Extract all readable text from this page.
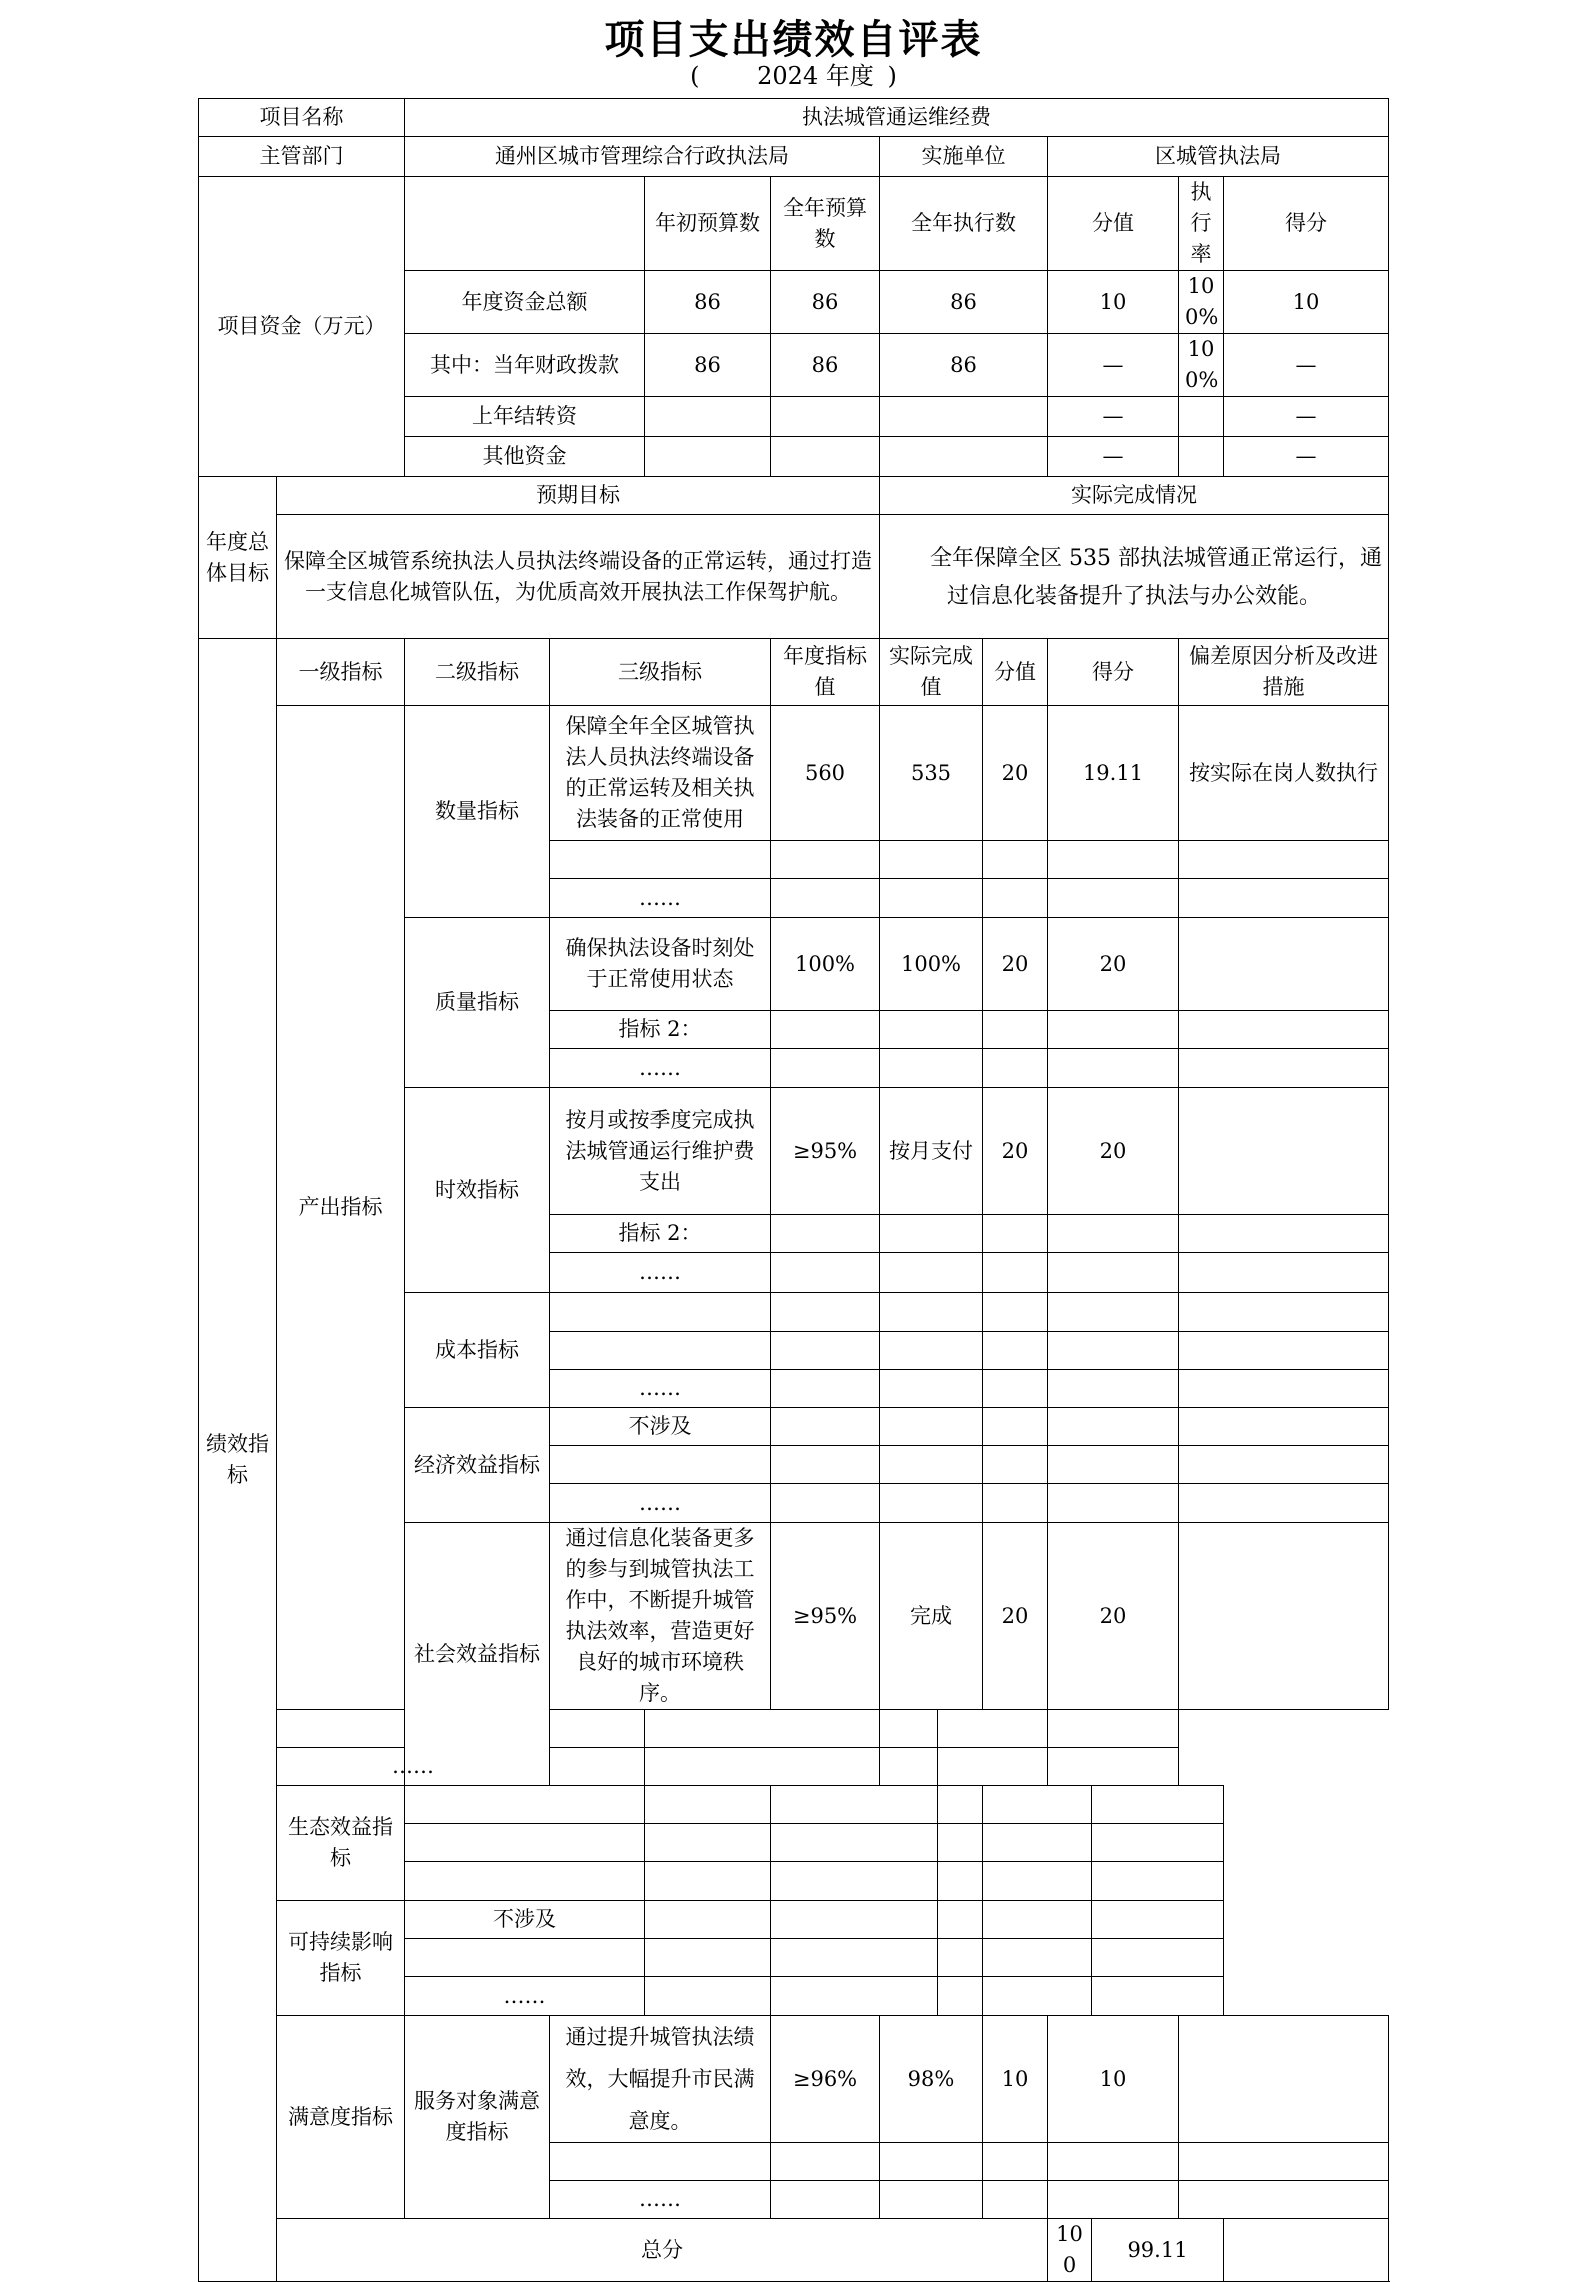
项目支出绩效自评表
( 2024 年度 )
项目名称		执法城管通运维经费										
主管部门		通州区城市管理综合行政执法局				实施单位			区城管执法局			
项目资金（万元）				年初预算数	全年预算数	全年执行数			分值		执行率	得分
		年度资金总额		86	86	86			10		100%	10
		其中：当年财政拨款		86	86	86			—		100%	—
		上年结转资							—			—
		其他资金							—			—
年度总体目标	预期目标					实际完成情况						
	保障全区城管系统执法人员执法终端设备的正常运转，通过打造一支信息化城管队伍，为优质高效开展执法工作保驾护航。					全年保障全区 535 部执法城管通正常运行，通过信息化装备提升了执法与办公效能。						
绩效指标	一级指标	二级指标	三级指标		年度指标值	实际完成值		分值	得分		偏差原因分析及改进措施	
	产出指标	数量指标	保障全年全区城管执法人员执法终端设备的正常运转及相关执法装备的正常使用		560	535		20	19.11		按实际在岗人数执行	

			……									
		质量指标	确保执法设备时刻处于正常使用状态		100%	100%		20	20			
			指标 2：									
			……									
		时效指标	按月或按季度完成执法城管通运行维护费支出		≥95%	按月支付		20	20			
			指标 2：									
			……									
		成本指标										

			……									
		经济效益指标	不涉及									

			……									
		社会效益指标	通过信息化装备更多的参与到城管执法工作中，不断提升城管执法效率，营造更好良好的城市环境秩序。		≥95%	完成		20	20			

	……											
	生态效益指标											

	可持续影响指标	不涉及										

		……										
	满意度指标	服务对象满意度指标	通过提升城管执法绩效，大幅提升市民满意度。		≥96%	98%		10	10			

			……									
	总分								100	99.11		
